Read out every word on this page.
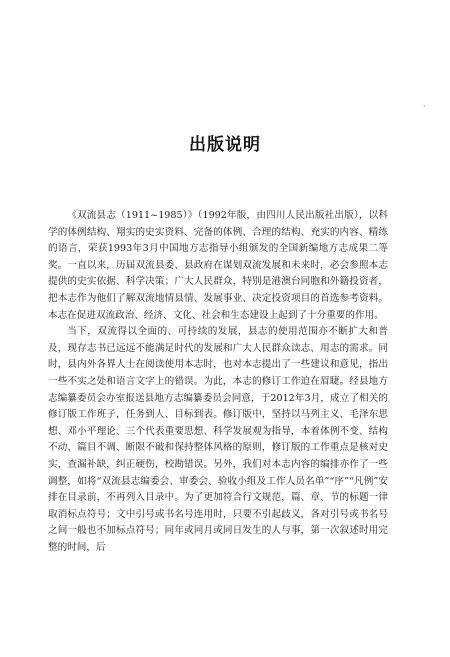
·
出版说明

《双流县志（1911~1985）》（1992年版，由四川人民出版社出版），以科学的体例结构、翔实的史实资料、完备的体例、合理的结构、充实的内容、精练的语言，荣获1993年3月中国地方志指导小组颁发的全国新编地方志成果二等奖。一直以来，历届双流县委、县政府在谋划双流发展和未来时，必会参照本志提供的史实依据、科学决策；广大人民群众，特别是港澳台同胞和外籍投资者，把本志作为他们了解双流地情县情、发展事业、决定投资项目的首选参考资料。本志在促进双流政治、经济、文化、社会和生态建设上起到了十分重要的作用。

当下，双流得以全面的、可持续的发展，县志的使用范围亦不断扩大和普及，现存志书已远远不能满足时代的发展和广大人民群众读志、用志的需求。同时，县内外各界人士在阅读使用本志时，也对本志提出了一些建议和意见，指出一些不实之处和语言文字上的错误。为此，本志的修订工作迫在眉睫。经县地方志编纂委员会办室报送县地方志编纂委员会同意，于2012年3月，成立了相关的修订版工作班子，任务到人、目标到表。修订版中，坚持以马列主义、毛泽东思想、邓小平理论、三个代表重要思想、科学发展观为指导，本着体例不变、结构不动、篇目不调、断限不破和保持整体风格的原则，修订版的工作重点是核对史实，查漏补缺，纠正硬伤，校勘错误。另外，我们对本志内容的编排亦作了一些调整，如将“双流县志编委会、审委会、验收小组及工作人员名单”“序”“凡例”安排在目录前，不再列入目录中。为了更加符合行文规范，篇、章、节的标题一律取消标点符号；文中引号或书名号连用时，只要不引起歧义，各对引号或书名号之间一般也不加标点符号；同年或同月或同日发生的人与事，第一次叙述时用完整的时间，后
